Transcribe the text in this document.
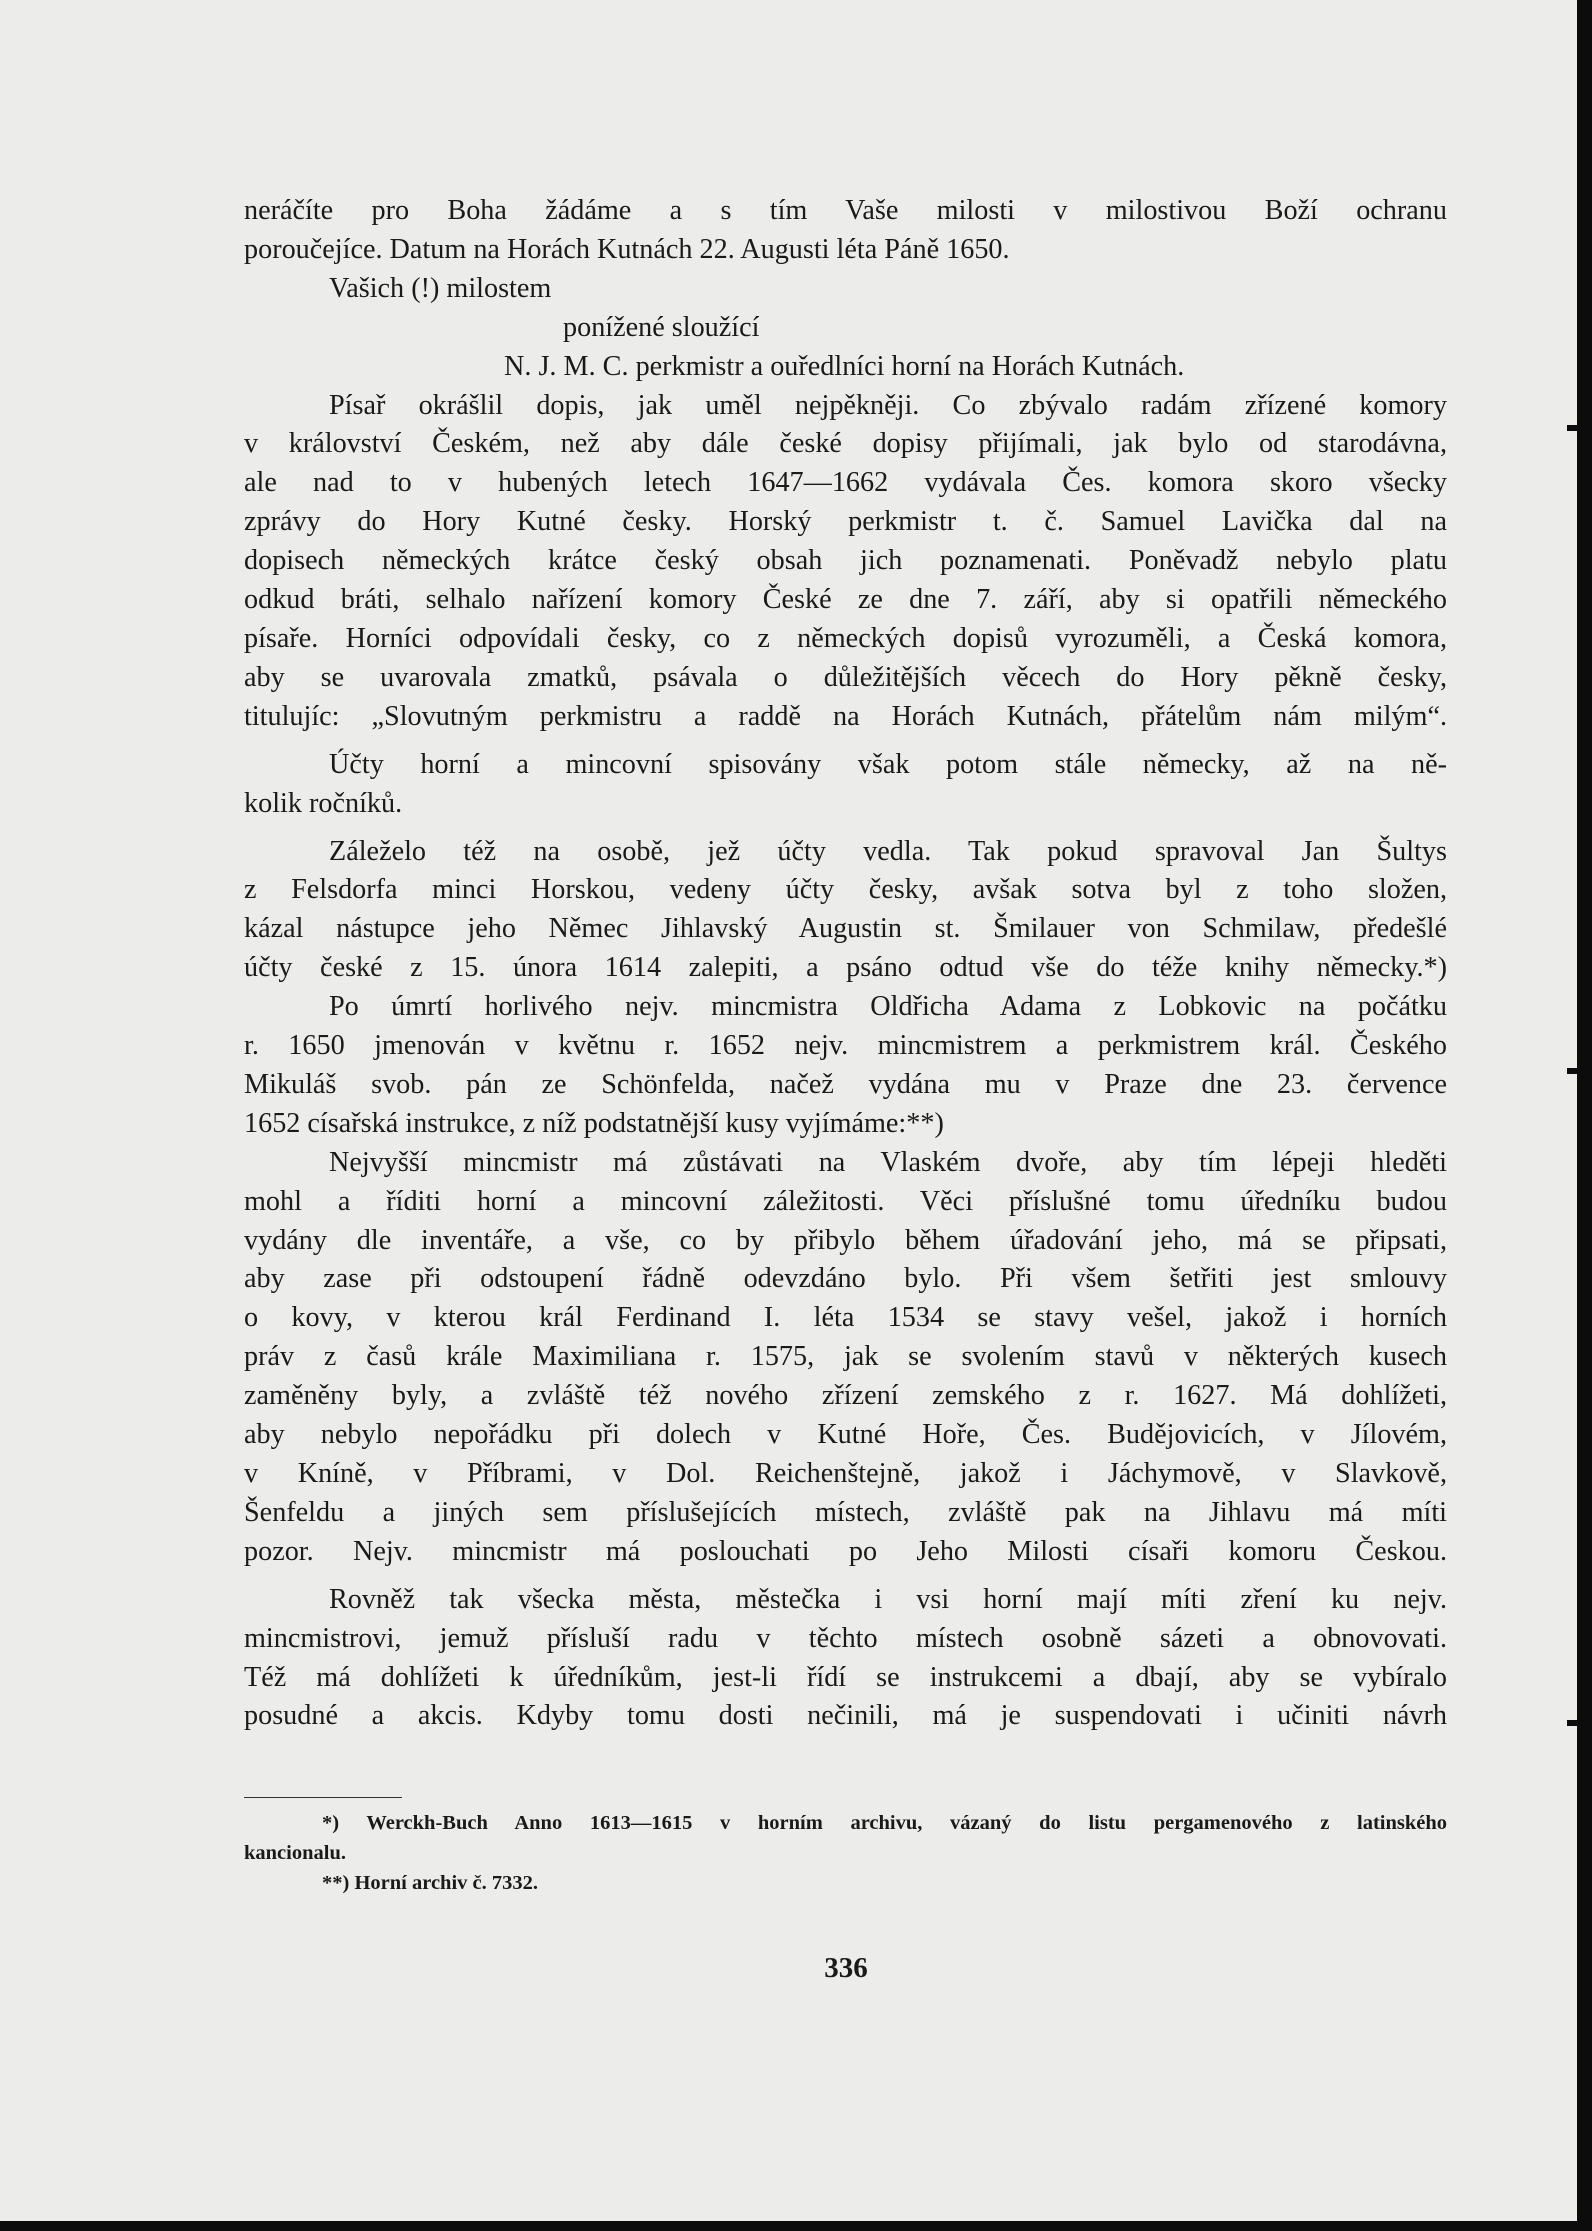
neráčíte pro Boha žádáme a s tím Vaše milosti v milostivou Boží ochranu
poroučejíce. Datum na Horách Kutnách 22. Augusti léta Páně 1650.
Vašich (!) milostem
ponížené sloužící
N. J. M. C. perkmistr a ouředlníci horní na Horách Kutnách.
Písař okrášlil dopis, jak uměl nejpěkněji. Co zbývalo radám zřízené komory
v království Českém, než aby dále české dopisy přijímali, jak bylo od starodávna,
ale nad to v hubených letech 1647—1662 vydávala Čes. komora skoro všecky
zprávy do Hory Kutné česky. Horský perkmistr t. č. Samuel Lavička dal na
dopisech německých krátce český obsah jich poznamenati. Poněvadž nebylo platu
odkud bráti, selhalo nařízení komory České ze dne 7. září, aby si opatřili německého
písaře. Horníci odpovídali česky, co z německých dopisů vyrozuměli, a Česká komora,
aby se uvarovala zmatků, psávala o důležitějších věcech do Hory pěkně česky,
titulujíc: „Slovutným perkmistru a raddě na Horách Kutnách, přátelům nám milým“.
Účty horní a mincovní spisovány však potom stále německy, až na ně-
kolik ročníků.
Záleželo též na osobě, jež účty vedla. Tak pokud spravoval Jan Šultys
z Felsdorfa minci Horskou, vedeny účty česky, avšak sotva byl z toho složen,
kázal nástupce jeho Němec Jihlavský Augustin st. Šmilauer von Schmilaw, předešlé
účty české z 15. února 1614 zalepiti, a psáno odtud vše do téže knihy německy.*)
Po úmrtí horlivého nejv. mincmistra Oldřicha Adama z Lobkovic na počátku
r. 1650 jmenován v květnu r. 1652 nejv. mincmistrem a perkmistrem král. Českého
Mikuláš svob. pán ze Schönfelda, načež vydána mu v Praze dne 23. července
1652 císařská instrukce, z níž podstatnější kusy vyjímáme:**)
Nejvyšší mincmistr má zůstávati na Vlaském dvoře, aby tím lépeji hleděti
mohl a říditi horní a mincovní záležitosti. Věci příslušné tomu úředníku budou
vydány dle inventáře, a vše, co by přibylo během úřadování jeho, má se připsati,
aby zase při odstoupení řádně odevzdáno bylo. Při všem šetřiti jest smlouvy
o kovy, v kterou král Ferdinand I. léta 1534 se stavy vešel, jakož i horních
práv z časů krále Maximiliana r. 1575, jak se svolením stavů v některých kusech
zaměněny byly, a zvláště též nového zřízení zemského z r. 1627. Má dohlížeti,
aby nebylo nepořádku při dolech v Kutné Hoře, Čes. Budějovicích, v Jílovém,
v Kníně, v Příbrami, v Dol. Reichenštejně, jakož i Jáchymově, v Slavkově,
Šenfeldu a jiných sem příslušejících místech, zvláště pak na Jihlavu má míti
pozor. Nejv. mincmistr má poslouchati po Jeho Milosti císaři komoru Českou.
Rovněž tak všecka města, městečka i vsi horní mají míti zření ku nejv.
mincmistrovi, jemuž přísluší radu v těchto místech osobně sázeti a obnovovati.
Též má dohlížeti k úředníkům, jest-li řídí se instrukcemi a dbají, aby se vybíralo
posudné a akcis. Kdyby tomu dosti nečinili, má je suspendovati i učiniti návrh
*) Werckh-Buch Anno 1613—1615 v horním archivu, vázaný do listu pergamenového z latinského
kancionalu.
**) Horní archiv č. 7332.
336
